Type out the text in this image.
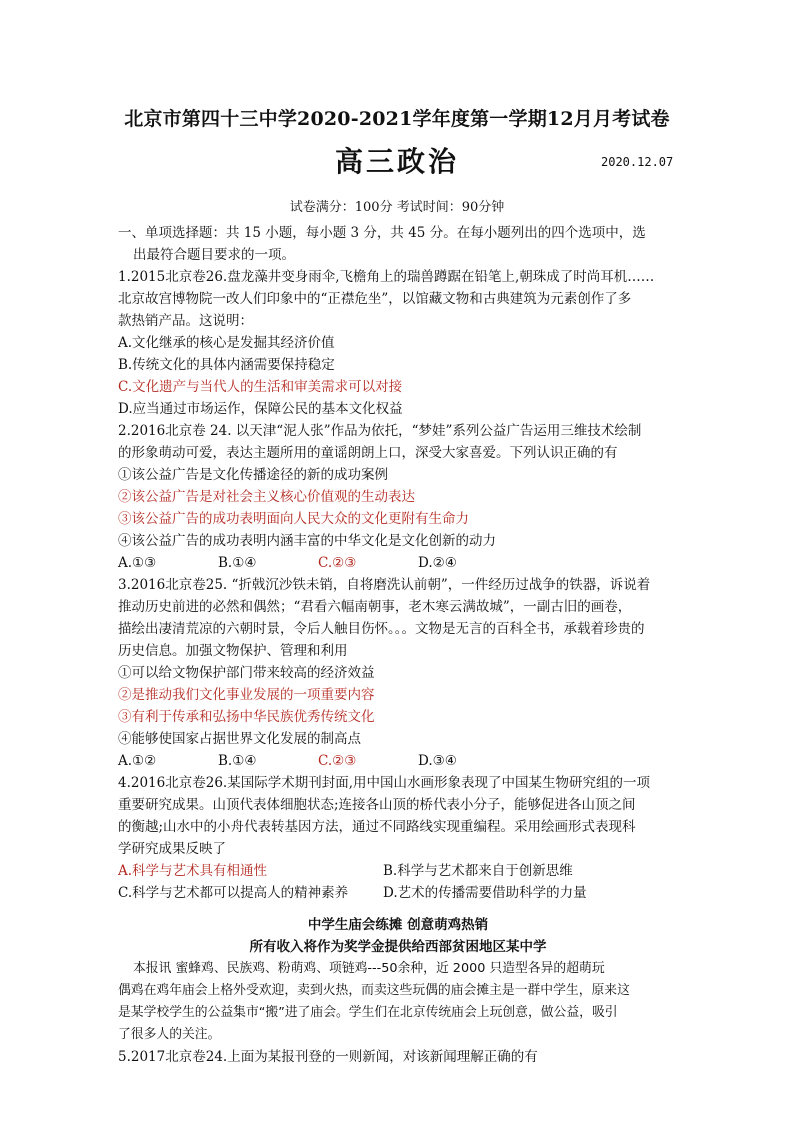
北京市第四十三中学2020-2021学年度第一学期12月月考试卷
高三政治	2020.12.07
试卷满分：100分 考试时间：90分钟
一、单项选择题：共 15 小题，每小题 3 分，共 45 分。在每小题列出的四个选项中，选
出最符合题目要求的一项。
1.2015北京卷26.盘龙藻井变身雨伞,飞檐角上的瑞兽蹲踞在铅笔上,朝珠成了时尚耳机……
北京故宫博物院一改人们印象中的“正襟危坐”，以馆藏文物和古典建筑为元素创作了多
款热销产品。这说明：
A.文化继承的核心是发掘其经济价值
B.传统文化的具体内涵需要保持稳定
C.文化遗产与当代人的生活和审美需求可以对接
D.应当通过市场运作，保障公民的基本文化权益
2.2016北京卷 24. 以天津“泥人张”作品为依托，“梦娃”系列公益广告运用三维技术绘制
的形象萌动可爱，表达主题所用的童谣朗朗上口，深受大家喜爱。下列认识正确的有
①该公益广告是文化传播途径的新的成功案例
②该公益广告是对社会主义核心价值观的生动表达
③该公益广告的成功表明面向人民大众的文化更附有生命力
④该公益广告的成功表明内涵丰富的中华文化是文化创新的动力
A.①③	B.①④	C.②③	D.②④
3.2016北京卷25. “折戟沉沙铁未销，自将磨洗认前朝”，一件经历过战争的铁器，诉说着
推动历史前进的必然和偶然；“君看六幅南朝事，老木寒云满故城”，一副古旧的画卷，
描绘出凄清荒凉的六朝时景，令后人触目伤怀。。。文物是无言的百科全书，承载着珍贵的
历史信息。加强文物保护、管理和利用
①可以给文物保护部门带来较高的经济效益
②是推动我们文化事业发展的一项重要内容
③有利于传承和弘扬中华民族优秀传统文化
④能够使国家占据世界文化发展的制高点
A.①②	B.①④	C.②③	D.③④
4.2016北京卷26.某国际学术期刊封面,用中国山水画形象表现了中国某生物研究组的一项
重要研究成果。山顶代表体细胞状态;连接各山顶的桥代表小分子，能够促进各山顶之间
的衡越;山水中的小舟代表转基因方法，通过不同路线实现重编程。采用绘画形式表现科
学研究成果反映了
A.科学与艺术具有相通性	B.科学与艺术都来自于创新思维
C.科学与艺术都可以提高人的精神素养	D.艺术的传播需要借助科学的力量
中学生庙会练摊 创意萌鸡热销
所有收入将作为奖学金提供给西部贫困地区某中学
本报讯 蜜蜂鸡、民族鸡、粉萌鸡、项链鸡---50余种，近 2000 只造型各异的超萌玩
偶鸡在鸡年庙会上格外受欢迎，卖到火热，而卖这些玩偶的庙会摊主是一群中学生，原来这
是某学校学生的公益集市“搬”进了庙会。学生们在北京传统庙会上玩创意，做公益，吸引
了很多人的关注。
5.2017北京卷24.上面为某报刊登的一则新闻，对该新闻理解正确的有
